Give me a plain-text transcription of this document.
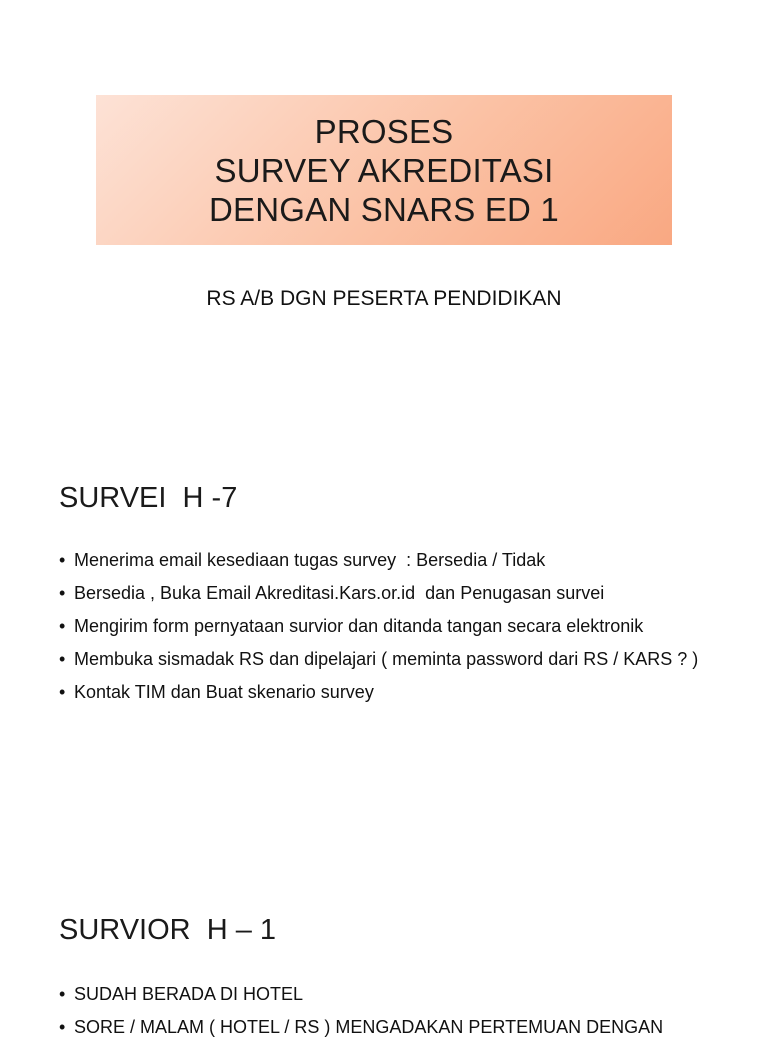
PROSES
SURVEY AKREDITASI
DENGAN SNARS ED 1
RS A/B DGN PESERTA PENDIDIKAN
SURVEI  H -7
• Menerima email kesediaan tugas survey  : Bersedia / Tidak
• Bersedia , Buka Email Akreditasi.Kars.or.id  dan Penugasan survei
• Mengirim form pernyataan survior dan ditanda tangan secara elektronik
• Membuka sismadak RS dan dipelajari ( meminta password dari RS / KARS ? )
• Kontak TIM dan Buat skenario survey
SURVIOR  H – 1
• SUDAH BERADA DI HOTEL
• SORE / MALAM ( HOTEL / RS ) MENGADAKAN PERTEMUAN DENGAN
